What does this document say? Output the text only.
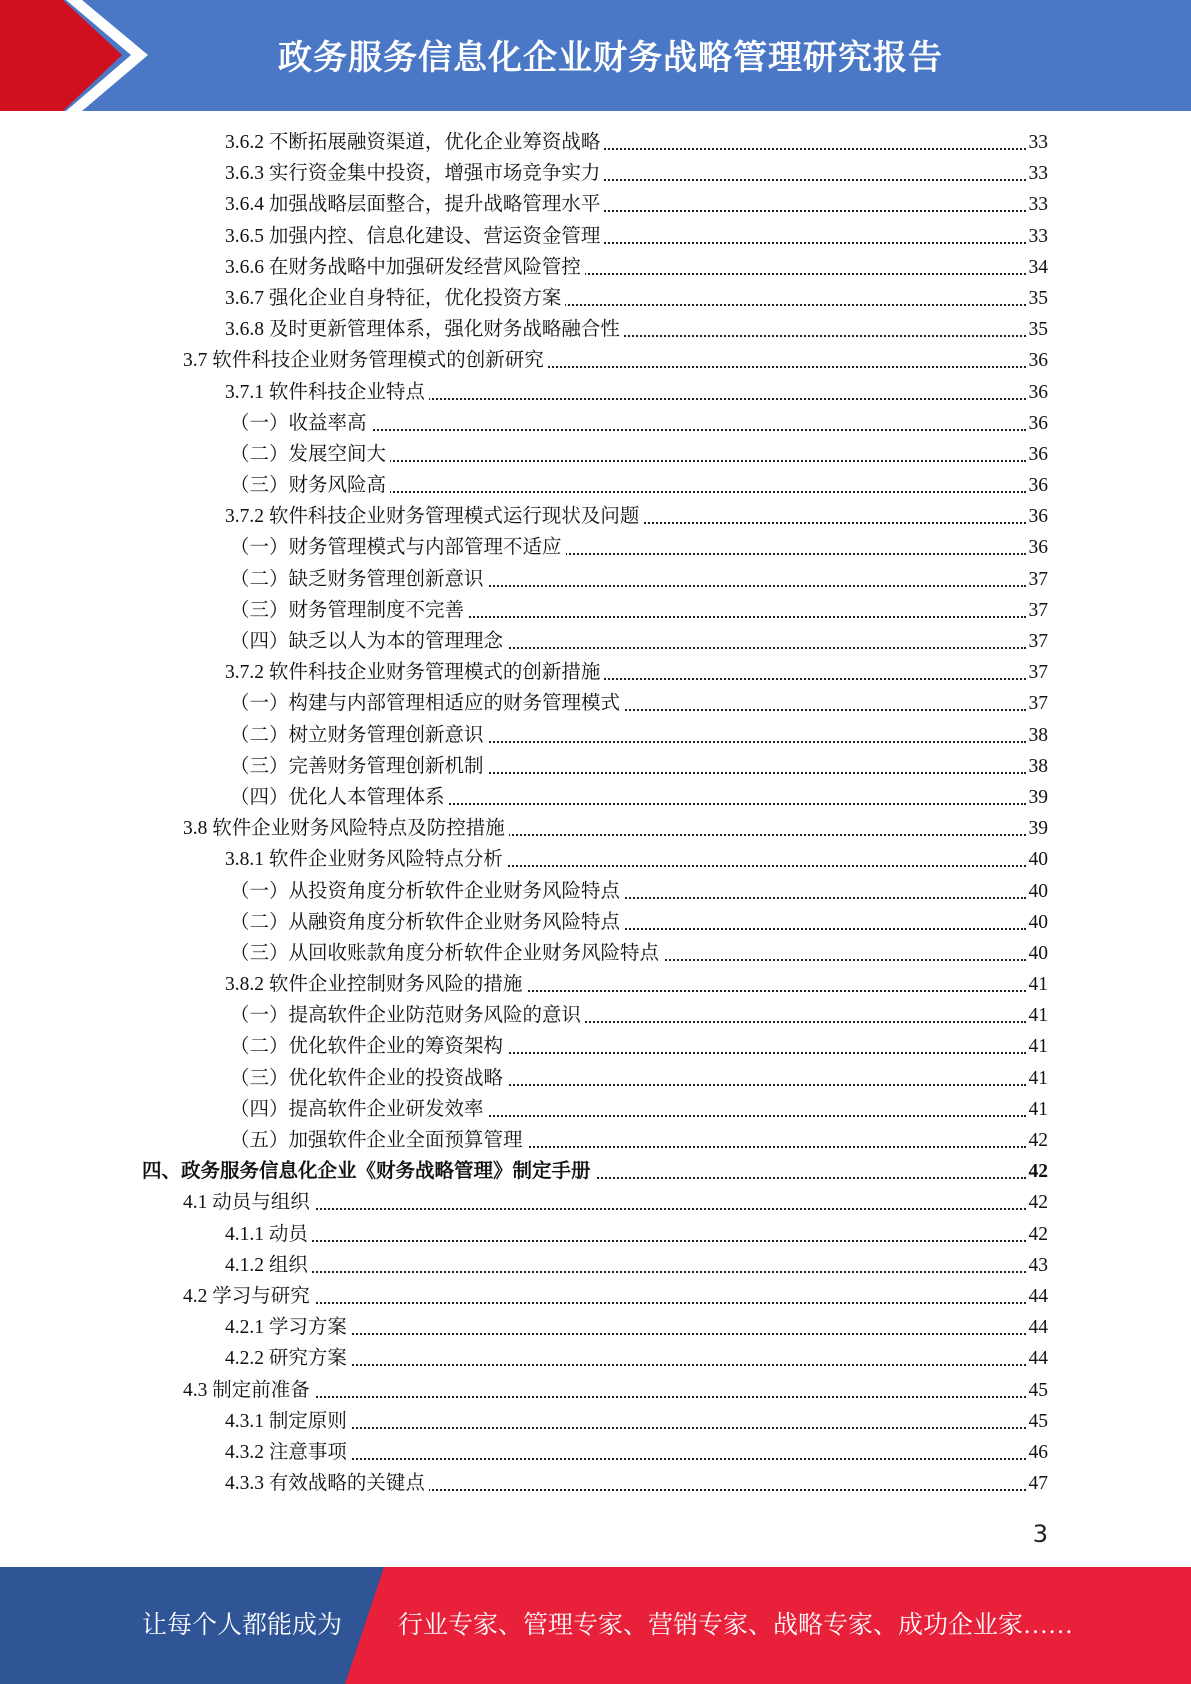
政务服务信息化企业财务战略管理研究报告
3.6.2 不断拓展融资渠道，优化企业筹资战略	33
3.6.3 实行资金集中投资，增强市场竞争实力	33
3.6.4 加强战略层面整合，提升战略管理水平	33
3.6.5 加强内控、信息化建设、营运资金管理	33
3.6.6 在财务战略中加强研发经营风险管控	34
3.6.7 强化企业自身特征，优化投资方案	35
3.6.8 及时更新管理体系，强化财务战略融合性	35
3.7 软件科技企业财务管理模式的创新研究	36
3.7.1 软件科技企业特点	36
（一）收益率高	36
（二）发展空间大	36
（三）财务风险高	36
3.7.2 软件科技企业财务管理模式运行现状及问题	36
（一）财务管理模式与内部管理不适应	36
（二）缺乏财务管理创新意识	37
（三）财务管理制度不完善	37
（四）缺乏以人为本的管理理念	37
3.7.2 软件科技企业财务管理模式的创新措施	37
（一）构建与内部管理相适应的财务管理模式	37
（二）树立财务管理创新意识	38
（三）完善财务管理创新机制	38
（四）优化人本管理体系	39
3.8 软件企业财务风险特点及防控措施	39
3.8.1 软件企业财务风险特点分析	40
（一）从投资角度分析软件企业财务风险特点	40
（二）从融资角度分析软件企业财务风险特点	40
（三）从回收账款角度分析软件企业财务风险特点	40
3.8.2 软件企业控制财务风险的措施	41
（一）提高软件企业防范财务风险的意识	41
（二）优化软件企业的筹资架构	41
（三）优化软件企业的投资战略	41
（四）提高软件企业研发效率	41
（五）加强软件企业全面预算管理	42
四、政务服务信息化企业《财务战略管理》制定手册	42
4.1 动员与组织	42
4.1.1 动员	42
4.1.2 组织	43
4.2 学习与研究	44
4.2.1 学习方案	44
4.2.2 研究方案	44
4.3 制定前准备	45
4.3.1 制定原则	45
4.3.2 注意事项	46
4.3.3 有效战略的关键点	47
3
让每个人都能成为 行业专家、管理专家、营销专家、战略专家、成功企业家……
